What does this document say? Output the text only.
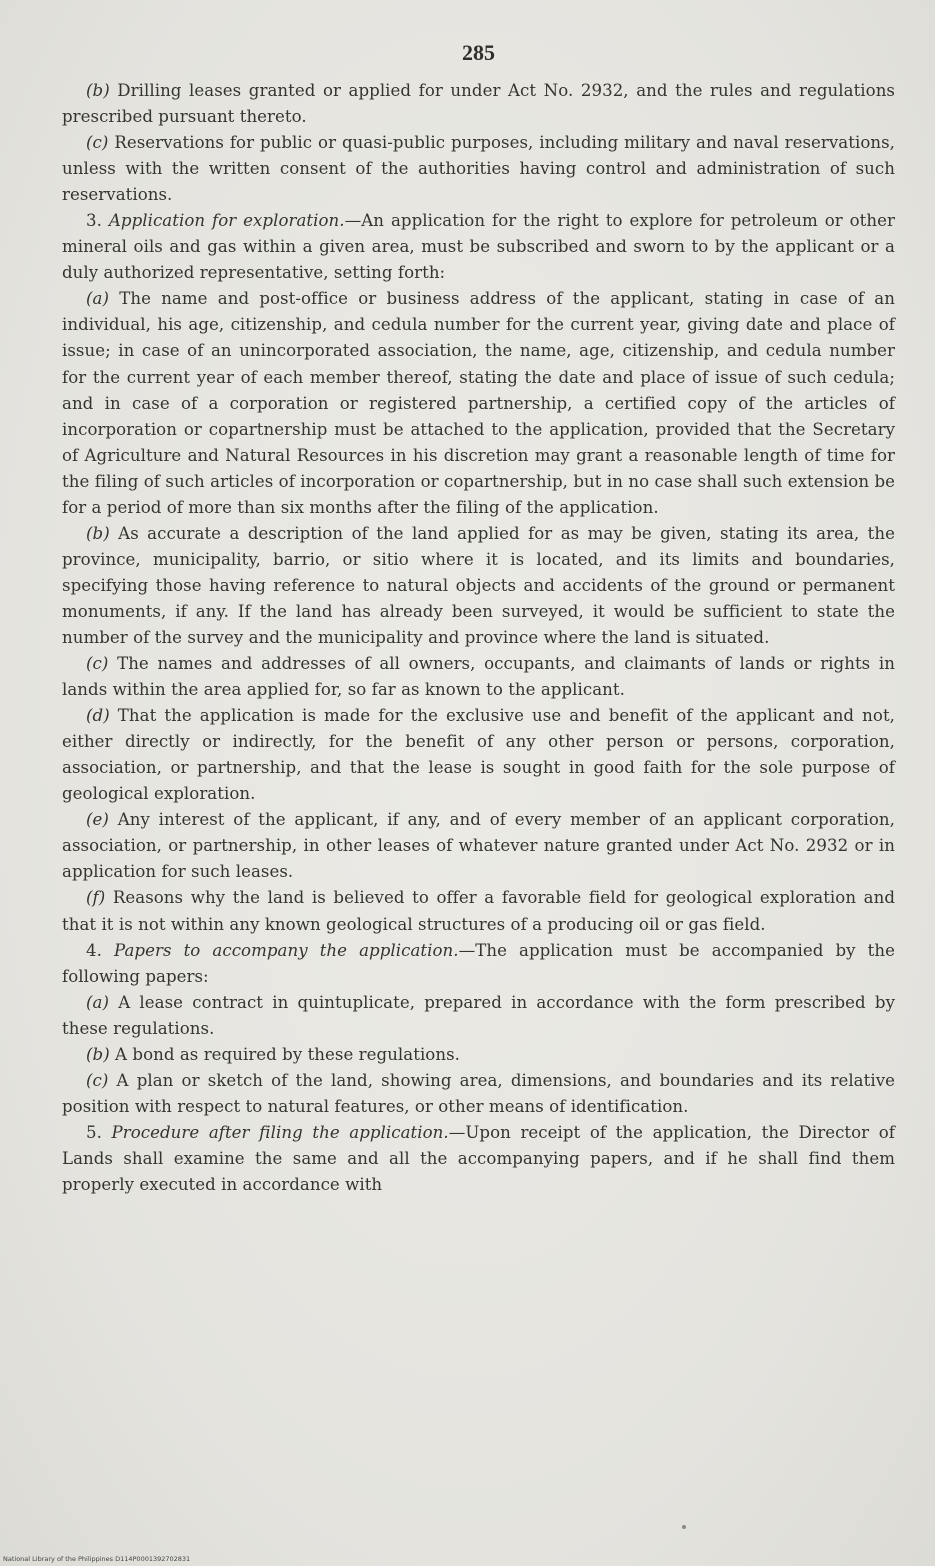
285

(b) Drilling leases granted or applied for under Act No. 2932, and the rules and regulations prescribed pursuant thereto.

(c) Reservations for public or quasi-public purposes, including military and naval reservations, unless with the written consent of the authorities having control and administration of such reservations.

3. Application for exploration.—An application for the right to explore for petroleum or other mineral oils and gas within a given area, must be subscribed and sworn to by the applicant or a duly authorized representative, setting forth:

(a) The name and post-office or business address of the applicant, stating in case of an individual, his age, citizenship, and cedula number for the current year, giving date and place of issue; in case of an unincorporated association, the name, age, citizenship, and cedula number for the current year of each member thereof, stating the date and place of issue of such cedula; and in case of a corporation or registered partnership, a certified copy of the articles of incorporation or copartnership must be attached to the application, provided that the Secretary of Agriculture and Natural Resources in his discretion may grant a reasonable length of time for the filing of such articles of incorporation or copartnership, but in no case shall such extension be for a period of more than six months after the filing of the application.

(b) As accurate a description of the land applied for as may be given, stating its area, the province, municipality, barrio, or sitio where it is located, and its limits and boundaries, specifying those having reference to natural objects and accidents of the ground or permanent monuments, if any. If the land has already been surveyed, it would be sufficient to state the number of the survey and the municipality and province where the land is situated.

(c) The names and addresses of all owners, occupants, and claimants of lands or rights in lands within the area applied for, so far as known to the applicant.

(d) That the application is made for the exclusive use and benefit of the applicant and not, either directly or indirectly, for the benefit of any other person or persons, corporation, association, or partnership, and that the lease is sought in good faith for the sole purpose of geological exploration.

(e) Any interest of the applicant, if any, and of every member of an applicant corporation, association, or partnership, in other leases of whatever nature granted under Act No. 2932 or in application for such leases.

(f) Reasons why the land is believed to offer a favorable field for geological exploration and that it is not within any known geological structures of a producing oil or gas field.

4. Papers to accompany the application.—The application must be accompanied by the following papers:

(a) A lease contract in quintuplicate, prepared in accordance with the form prescribed by these regulations.

(b) A bond as required by these regulations.

(c) A plan or sketch of the land, showing area, dimensions, and boundaries and its relative position with respect to natural features, or other means of identification.

5. Procedure after filing the application.—Upon receipt of the application, the Director of Lands shall examine the same and all the accompanying papers, and if he shall find them properly executed in accordance with

National Library of the Philippines D114P0001392702831
